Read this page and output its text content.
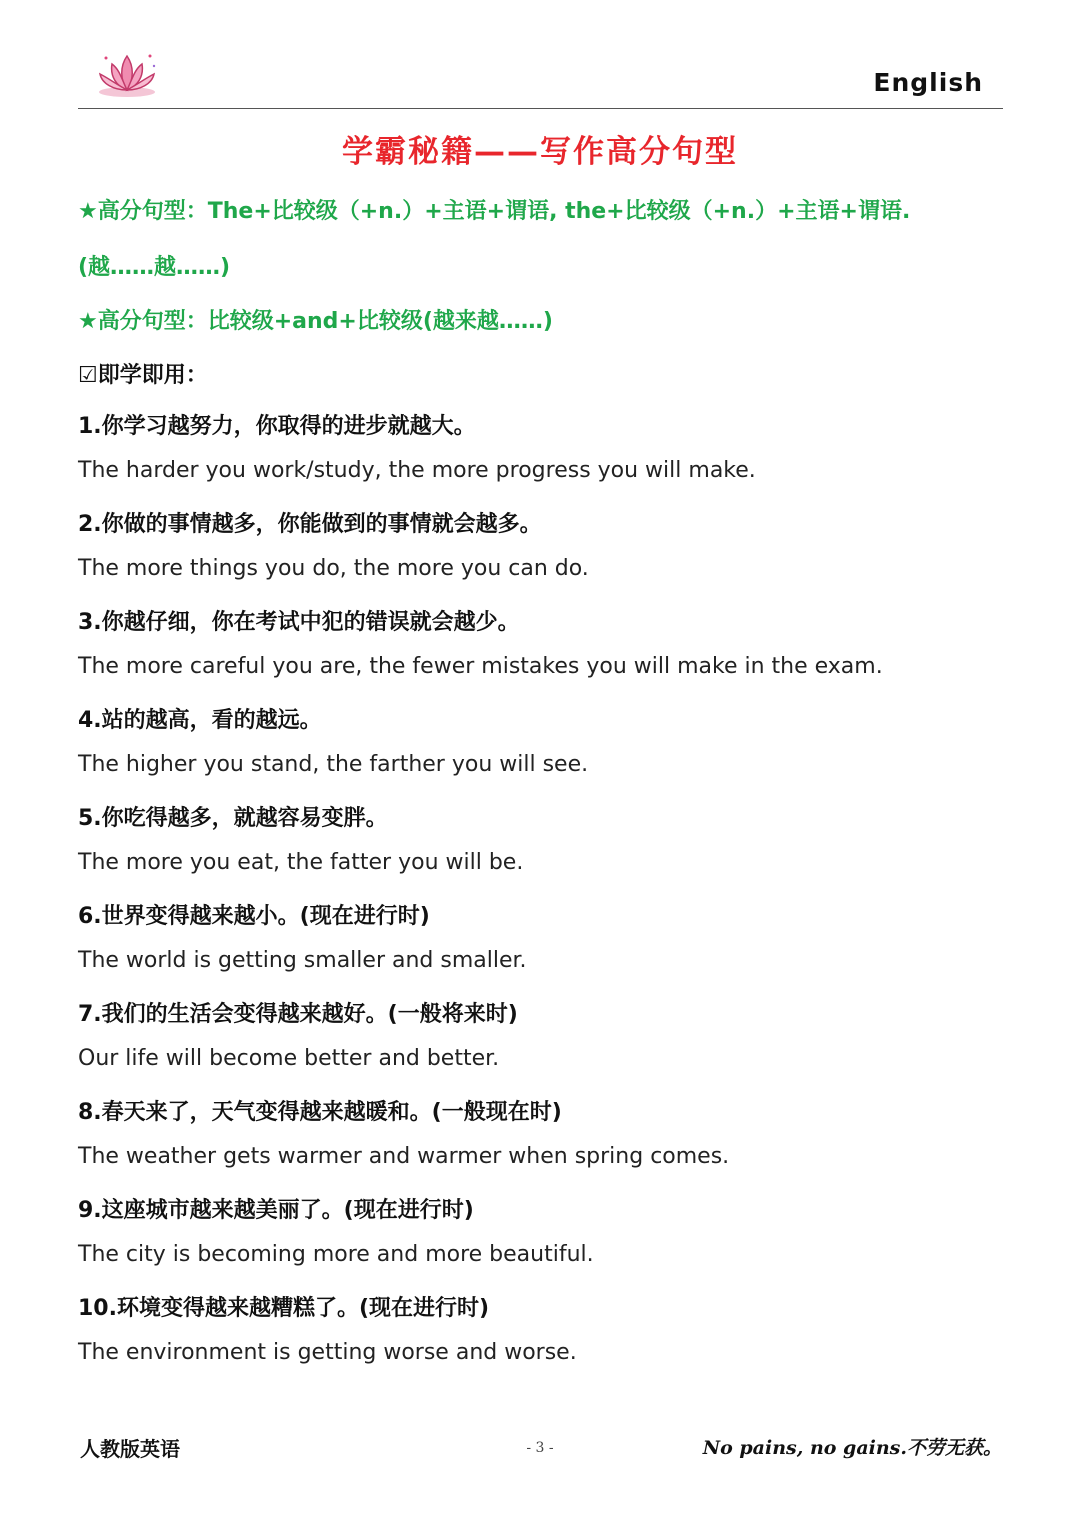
English
学霸秘籍——写作高分句型
★高分句型：The+比较级（+n.）+主语+谓语, the+比较级（+n.）+主语+谓语.
(越……越……)
★高分句型：比较级+and+比较级(越来越……)
☑即学即用：
1.你学习越努力，你取得的进步就越大。
The harder you work/study, the more progress you will make.
2.你做的事情越多，你能做到的事情就会越多。
The more things you do, the more you can do.
3.你越仔细，你在考试中犯的错误就会越少。
The more careful you are, the fewer mistakes you will make in the exam.
4.站的越高，看的越远。
The higher you stand, the farther you will see.
5.你吃得越多，就越容易变胖。
The more you eat, the fatter you will be.
6.世界变得越来越小。(现在进行时)
The world is getting smaller and smaller.
7.我们的生活会变得越来越好。(一般将来时)
Our life will become better and better.
8.春天来了，天气变得越来越暖和。(一般现在时)
The weather gets warmer and warmer when spring comes.
9.这座城市越来越美丽了。(现在进行时)
The city is becoming more and more beautiful.
10.环境变得越来越糟糕了。(现在进行时)
The environment is getting worse and worse.
人教版英语	- 3 -	No pains, no gains.不劳无获。
